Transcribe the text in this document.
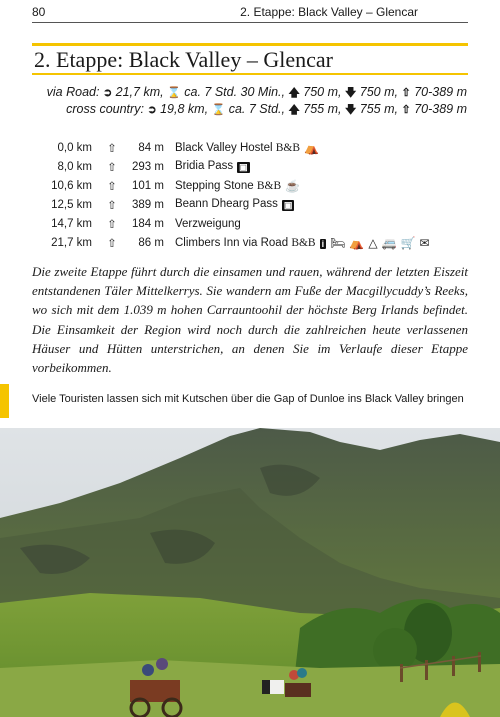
80	2. Etappe: Black Valley – Glencar
2. Etappe: Black Valley – Glencar
via Road: ➲ 21,7 km, ⌛ ca. 7 Std. 30 Min., 🡅 750 m, 🡇 750 m, ⇧ 70-389 m
cross country: ➲ 19,8 km, ⌛ ca. 7 Std., 🡅 755 m, 🡇 755 m, ⇧ 70-389 m
0,0 km	⇧	84 m	Black Valley Hostel B&B ⛺
8,0 km	⇧	293 m	Bridia Pass ▣
10,6 km	⇧	101 m	Stepping Stone B&B ☕
12,5 km	⇧	389 m	Beann Dhearg Pass ▣
14,7 km	⇧	184 m	Verzweigung
21,7 km	⇧	86 m	Climbers Inn via Road B&B i 🛏 ⛺ △ 🚐 🛒 ✉

Die zweite Etappe führt durch die einsamen und rauen, während der letzten Eiszeit entstandenen Täler Mittelkerrys. Sie wandern am Fuße der Macgillycuddy’s Reeks, wo sich mit dem 1.039 m hohen Carrauntoohil der höchste Berg Irlands befindet. Die Einsamkeit der Region wird noch durch die zahlreichen heute verlassenen Häuser und Hütten unterstrichen, an denen Sie im Verlaufe dieser Etappe vorbeikommen.

Viele Touristen lassen sich mit Kutschen über die Gap of Dunloe ins Black Valley bringen
